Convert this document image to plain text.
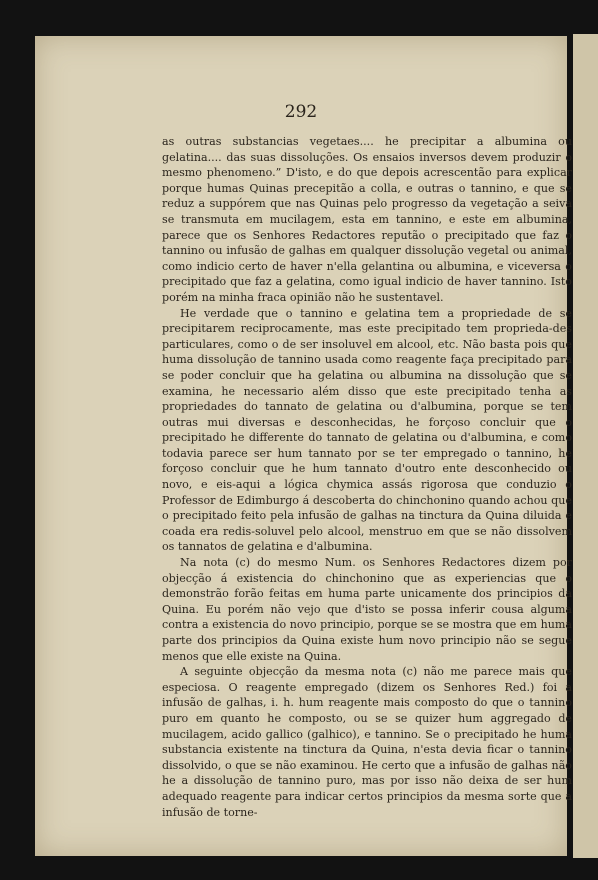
292

as outras substancias vegetaes.... he precipitar a albumina ou gelatina.... das suas dissoluções. Os ensaios inversos devem produzir o mesmo phenomeno.” D'isto, e do que depois acrescentão para explicar porque humas Quinas precepitão a colla, e outras o tannino, e que se reduz a suppórem que nas Quinas pelo progresso da vegetação a seiva se transmuta em mucilagem, esta em tannino, e este em albumina, parece que os Senhores Redactores reputão o precipitado que faz o tannino ou infusão de galhas em qualquer dissolução vegetal ou animal, como indicio certo de haver n'ella gelantina ou albumina, e viceversa o precipitado que faz a gelatina, como igual indicio de haver tannino. Isto porém na minha fraca opinião não he sustentavel.

He verdade que o tannino e gelatina tem a propriedade de se precipitarem reciprocamente, mas este precipitado tem proprieda-des particulares, como o de ser insoluvel em alcool, etc. Não basta pois que huma dissolução de tannino usada como reagente faça precipitado para se poder concluir que ha gelatina ou albumina na dissolução que se examina, he necessario além disso que este precipitado tenha as propriedades do tannato de gelatina ou d'albumina, porque se tem outras mui diversas e desconhecidas, he forçoso concluir que o precipitado he differente do tannato de gelatina ou d'albumina, e como todavia parece ser hum tannato por se ter empregado o tannino, he forçoso concluir que he hum tannato d'outro ente desconhecido ou novo, e eis-aqui a lógica chymica assás rigorosa que conduzio o Professor de Edimburgo á descoberta do chinchonino quando achou que o precipitado feito pela infusão de galhas na tinctura da Quina diluida e coada era redis-soluvel pelo alcool, menstruo em que se não dissolvem os tannatos de gelatina e d'albumina.

Na nota (c) do mesmo Num. os Senhores Redactores dizem por objecção á existencia do chinchonino que as experiencias que o demonstrão forão feitas em huma parte unicamente dos principios da Quina. Eu porém não vejo que d'isto se possa inferir cousa alguma contra a existencia do novo principio, porque se se mostra que em huma parte dos principios da Quina existe hum novo principio não se segue menos que elle existe na Quina.

A seguinte objecção da mesma nota (c) não me parece mais que especiosa. O reagente empregado (dizem os Senhores Red.) foi a infusão de galhas, i. h. hum reagente mais composto do que o tannino puro em quanto he composto, ou se se quizer hum aggregado de mucilagem, acido gallico (galhico), e tannino. Se o precipitado he huma substancia existente na tinctura da Quina, n'esta devia ficar o tannino dissolvido, o que se não examinou. He certo que a infusão de galhas não he a dissolução de tannino puro, mas por isso não deixa de ser hum adequado reagente para indicar certos principios da mesma sorte que a infusão de torne-
